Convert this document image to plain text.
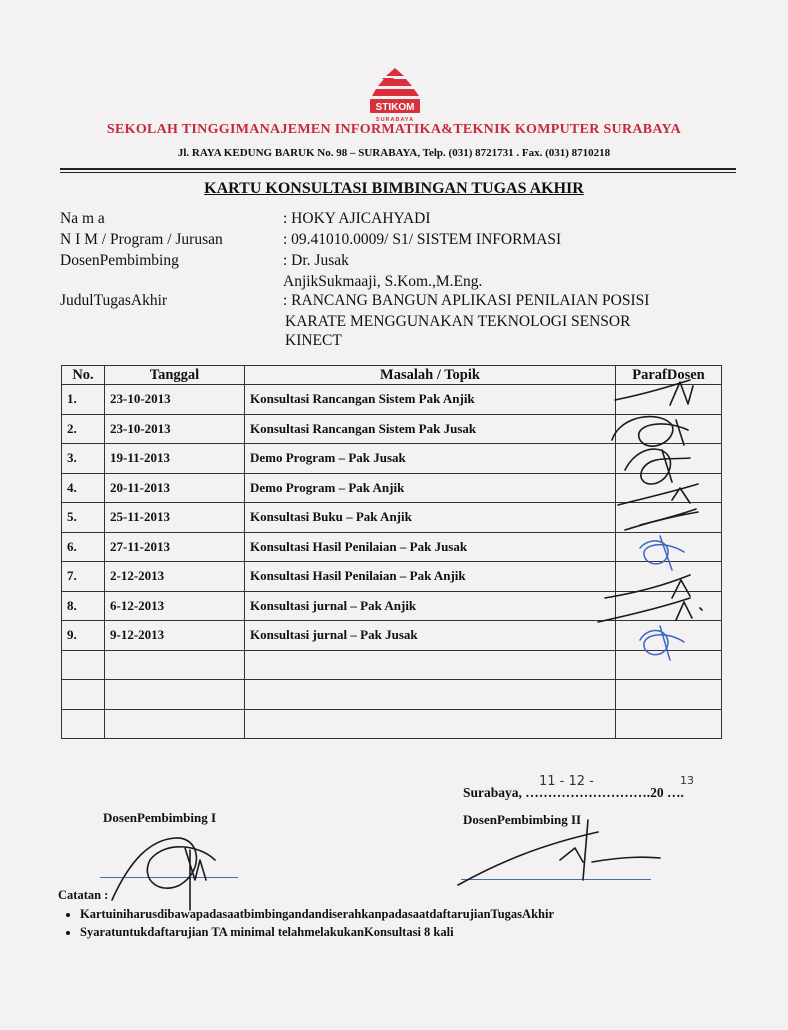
STIKOM
SURABAYA
SEKOLAH TINGGIMANAJEMEN INFORMATIKA&TEKNIK KOMPUTER SURABAYA
Jl. RAYA KEDUNG BARUK No. 98 – SURABAYA, Telp. (031) 8721731 . Fax. (031) 8710218
KARTU KONSULTASI BIMBINGAN TUGAS AKHIR
Na m a	: HOKY AJICAHYADI
N I M / Program / Jurusan	: 09.41010.0009/ S1/ SISTEM INFORMASI
DosenPembimbing	: Dr. Jusak
AnjikSukmaaji, S.Kom.,M.Eng.
JudulTugasAkhir	: RANCANG BANGUN APLIKASI PENILAIAN POSISI
KARATE MENGGUNAKAN TEKNOLOGI SENSOR
KINECT
No.	Tanggal	Masalah / Topik	ParafDosen
1.	23-10-2013	Konsultasi Rancangan Sistem Pak Anjik	
2.	23-10-2013	Konsultasi Rancangan Sistem Pak Jusak	
3.	19-11-2013	Demo Program – Pak Jusak	
4.	20-11-2013	Demo Program – Pak Anjik	
5.	25-11-2013	Konsultasi Buku – Pak Anjik	
6.	27-11-2013	Konsultasi Hasil Penilaian – Pak Jusak	
7.	2-12-2013	Konsultasi Hasil Penilaian – Pak Anjik	
8.	6-12-2013	Konsultasi jurnal – Pak Anjik	
9.	9-12-2013	Konsultasi jurnal – Pak Jusak	

Surabaya, ……………………….20 ….
11 - 12 -	13
DosenPembimbing I	DosenPembimbing II
Catatan :
• KartuiniharusdibawapadasaatbimbingandandiserahkanpadasaatdaftarujianTugasAkhir
• Syaratuntukdaftarujian TA minimal telahmelakukanKonsultasi 8 kali
